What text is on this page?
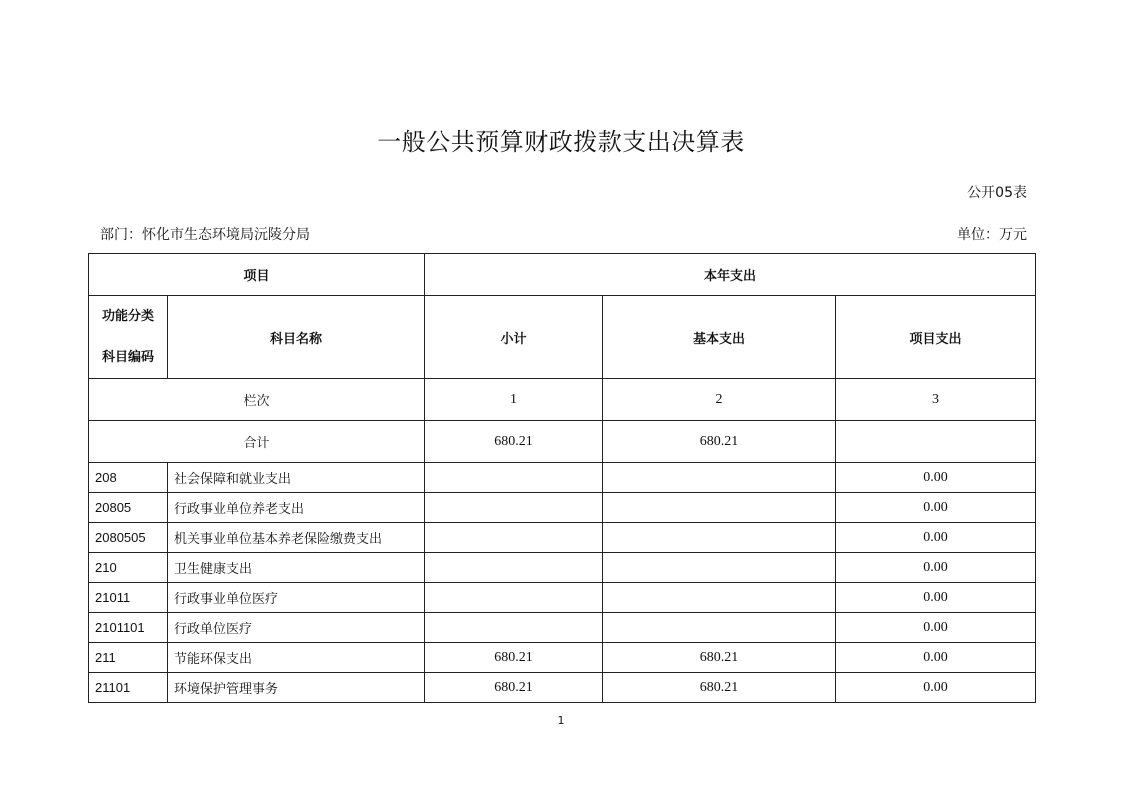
一般公共预算财政拨款支出决算表
公开05表
部门：怀化市生态环境局沅陵分局	单位：万元
项目		本年支出		

功能分类
科目编码	科目名称	小计	基本支出	项目支出
栏次		1	2	3
合计		680.21	680.21	
208	社会保障和就业支出			0.00
20805	行政事业单位养老支出			0.00
2080505	机关事业单位基本养老保险缴费支出			0.00
210	卫生健康支出			0.00
21011	行政事业单位医疗			0.00
2101101	行政单位医疗			0.00
211	节能环保支出	680.21	680.21	0.00
21101	环境保护管理事务	680.21	680.21	0.00
1
